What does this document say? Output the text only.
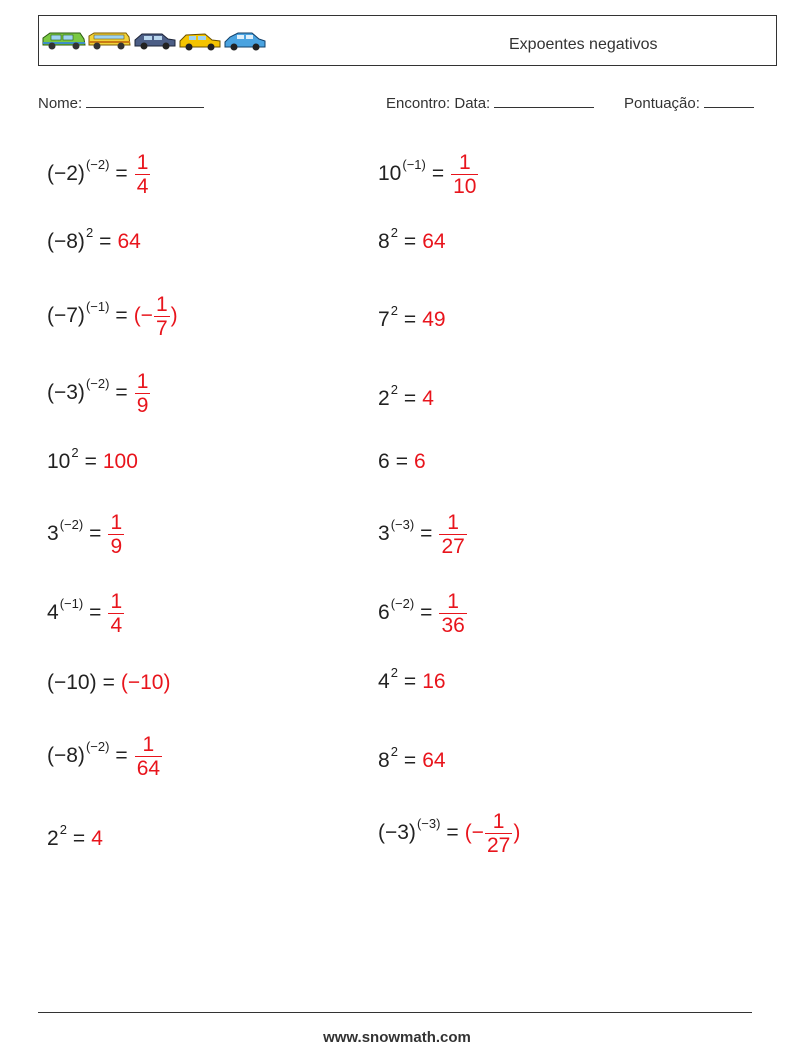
Expoentes negativos
Nome:	Encontro: Data:	Pontuação:
$(-2)^{(-2)} = \frac{1}{4}$
$(-8)^2 = 64$
$(-7)^{(-1)}$ = (− $\frac{1}{7}$ )
$(-3)^{(-2)} = \frac{1}{9}$
$10^2 = 100$
$3^{(-2)} = \frac{1}{9}$
$4^{(-1)} = \frac{1}{4}$
(−10) = (−10)
$(-8)^{(-2)} = \frac{1}{64}$
$2^2 = 4$
$10^{(-1)} = \frac{1}{10}$
$8^2 = 64$
$7^2 = 49$
$2^2 = 4$
6 = 6
$3^{(-3)} = \frac{1}{27}$
$6^{(-2)} = \frac{1}{36}$
$4^2 = 16$
$8^2 = 64$
$(-3)^{(-3)}$ = (− $\frac{1}{27}$ )
www.snowmath.com
